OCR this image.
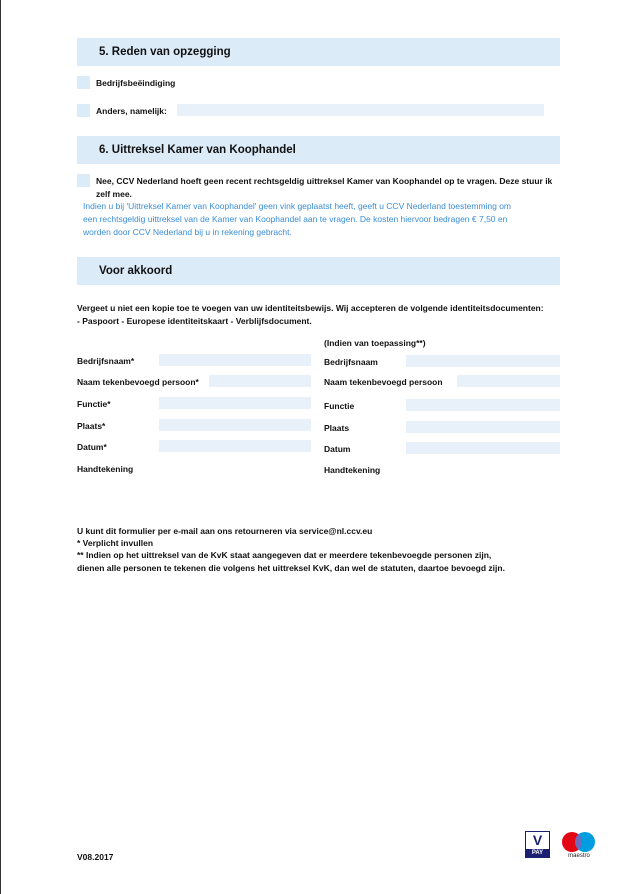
5. Reden van opzegging
Bedrijfsbeëindiging
Anders, namelijk:
6. Uittreksel Kamer van Koophandel
Nee, CCV Nederland hoeft geen recent rechtsgeldig uittreksel Kamer van Koophandel op te vragen. Deze stuur ik
zelf mee.
Indien u bij 'Uittreksel Kamer van Koophandel' geen vink geplaatst heeft, geeft u CCV Nederland toestemming om
een rechtsgeldig uittreksel van de Kamer van Koophandel aan te vragen. De kosten hiervoor bedragen € 7,50 en
worden door CCV Nederland bij u in rekening gebracht.
Voor akkoord
Vergeet u niet een kopie toe te voegen van uw identiteitsbewijs. Wij accepteren de volgende identiteitsdocumenten:
- Paspoort - Europese identiteitskaart - Verblijfsdocument.
(Indien van toepassing**)
Bedrijfsnaam*
Naam tekenbevoegd persoon*
Functie*
Plaats*
Datum*
Handtekening
Bedrijfsnaam
Naam tekenbevoegd persoon
Functie
Plaats
Datum
Handtekening
U kunt dit formulier per e-mail aan ons retourneren via service@nl.ccv.eu
* Verplicht invullen
** Indien op het uittreksel van de KvK staat aangegeven dat er meerdere tekenbevoegde personen zijn,
dienen alle personen te tekenen die volgens het uittreksel KvK, dan wel de statuten, daartoe bevoegd zijn.
V08.2017
V
PAY	maestro
